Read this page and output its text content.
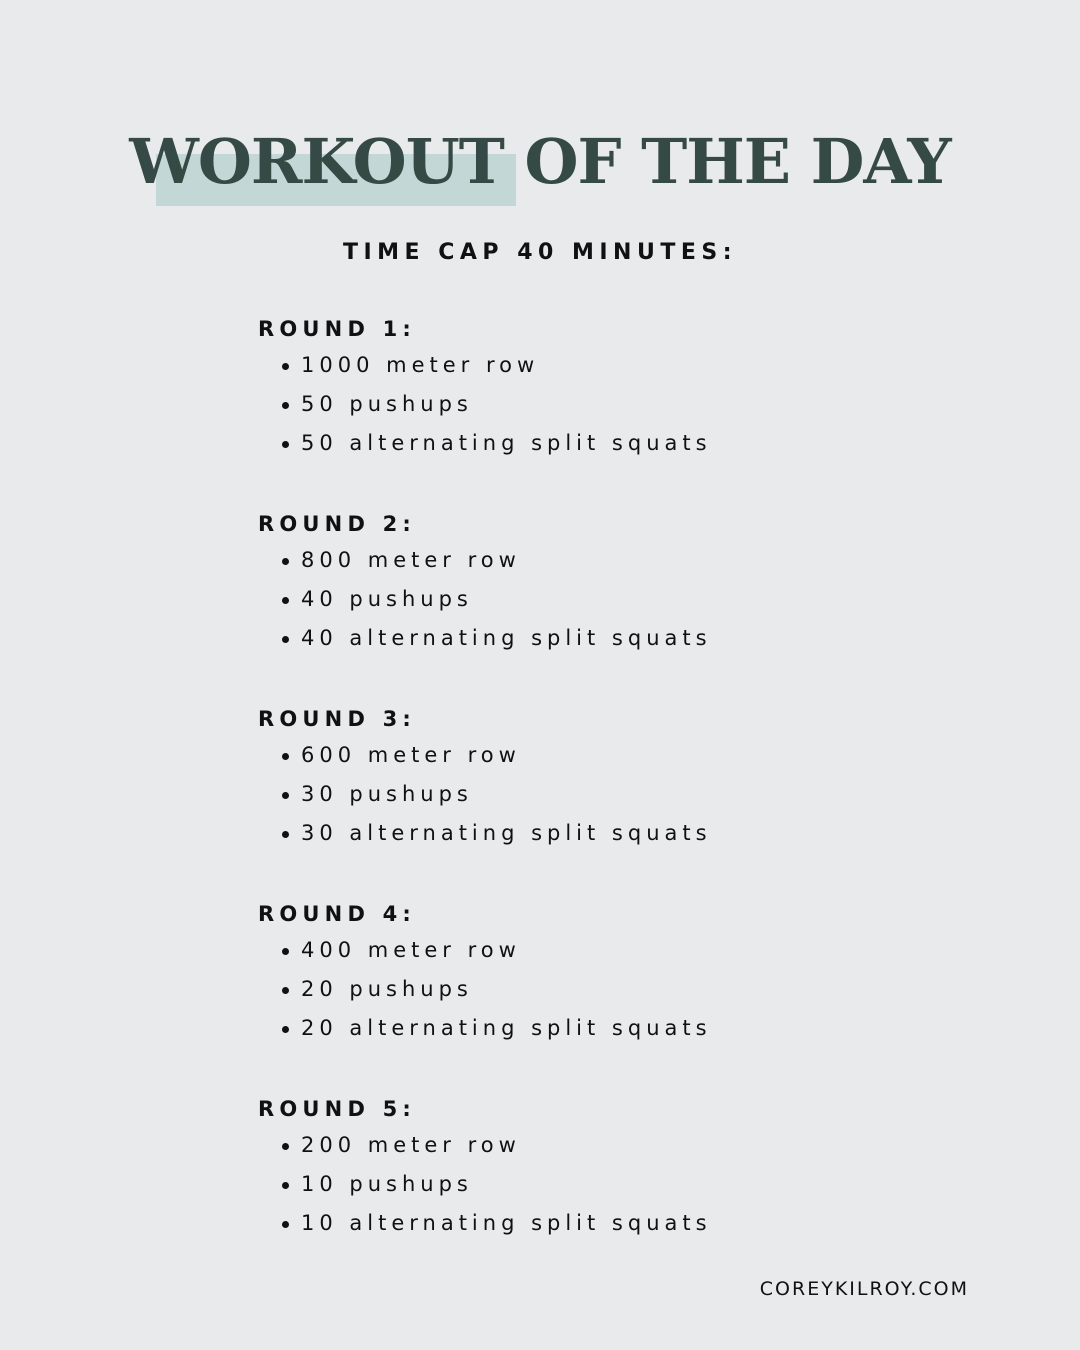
WORKOUT OF THE DAY
TIME CAP 40 MINUTES:
ROUND 1:
1000 meter row
50 pushups
50 alternating split squats
ROUND 2:
800 meter row
40 pushups
40 alternating split squats
ROUND 3:
600 meter row
30 pushups
30 alternating split squats
ROUND 4:
400 meter row
20 pushups
20 alternating split squats
ROUND 5:
200 meter row
10 pushups
10 alternating split squats
COREYKILROY.COM
